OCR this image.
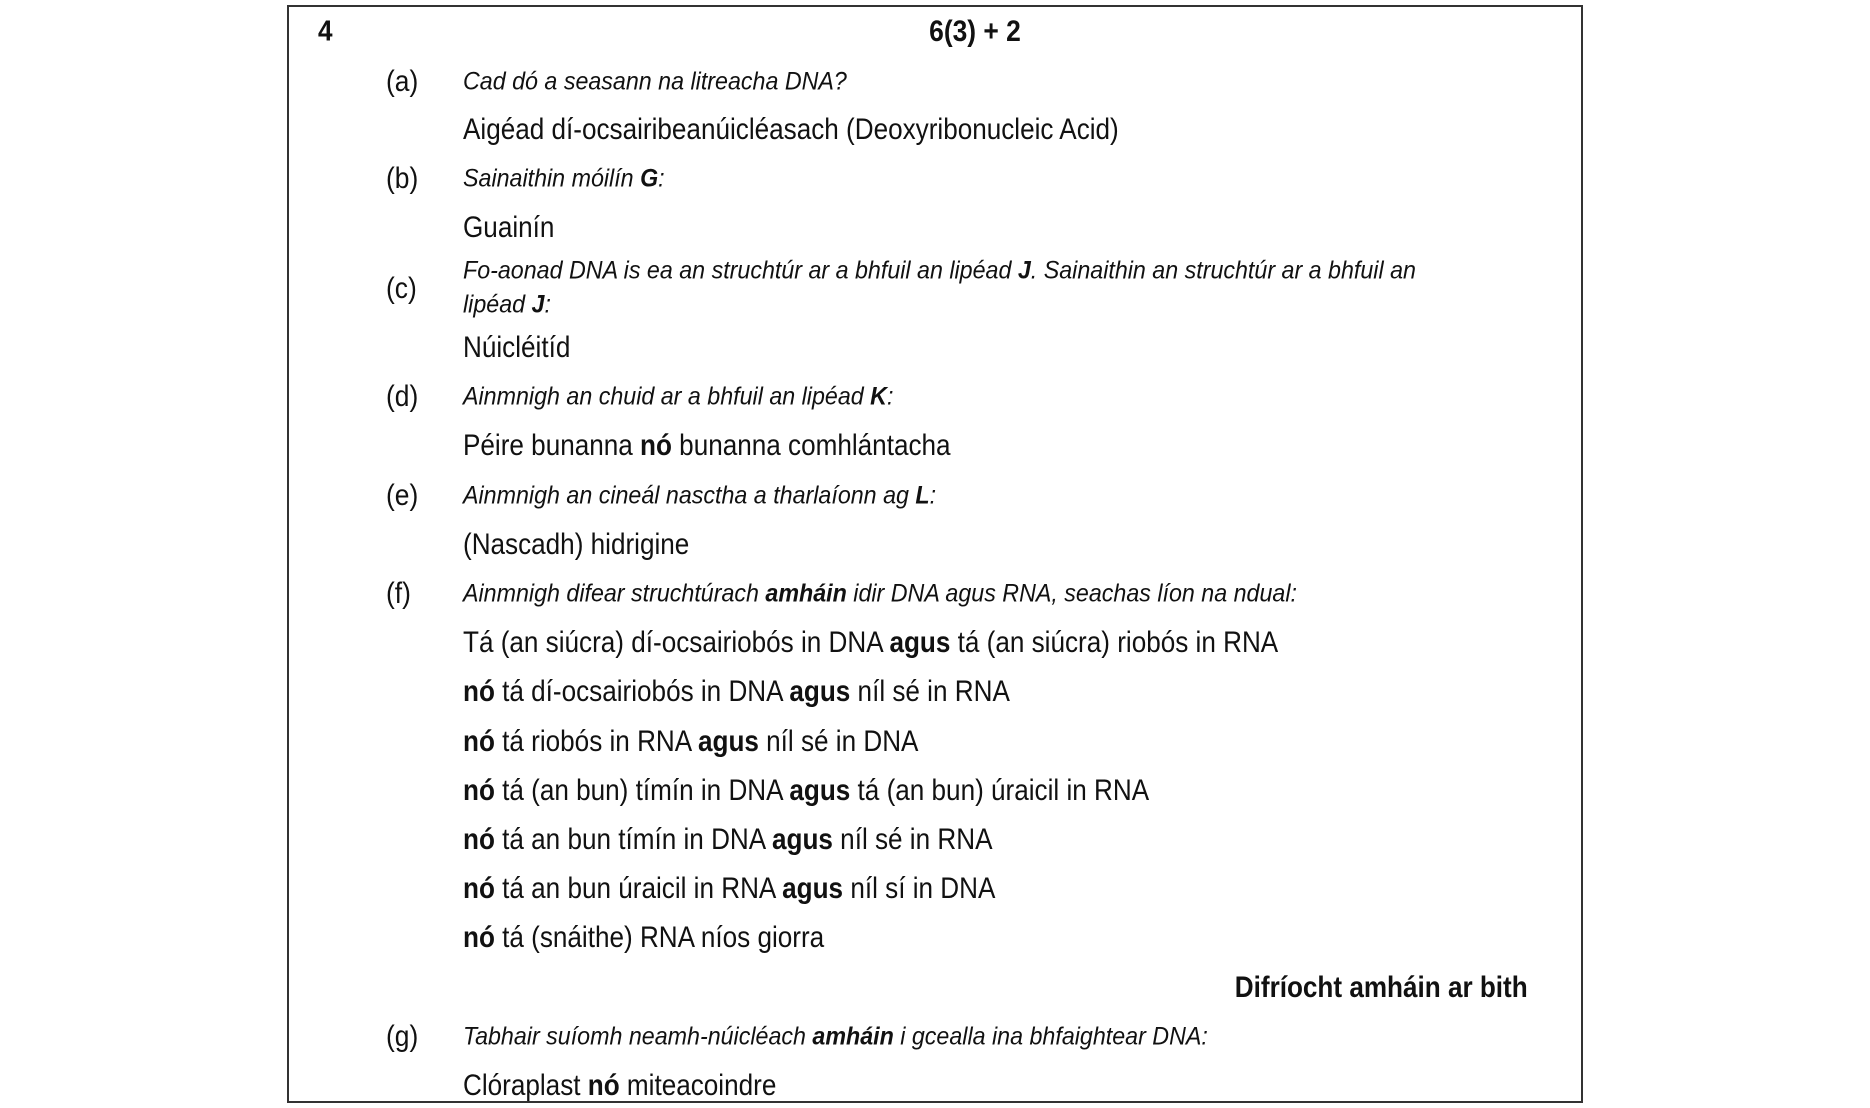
4	6(3) + 2
(a) Cad dó a seasann na litreacha DNA?
Aigéad dí-ocsairibeanúicléasach (Deoxyribonucleic Acid)
(b) Sainaithin móilín G:
Guainín
(c)
Fo-aonad DNA is ea an struchtúr ar a bhfuil an lipéad J. Sainaithin an struchtúr ar a bhfuil an
lipéad J:
Núicléitíd
(d) Ainmnigh an chuid ar a bhfuil an lipéad K:
Péire bunanna nó bunanna comhlántacha
(e) Ainmnigh an cineál nasctha a tharlaíonn ag L:
(Nascadh) hidrigine
(f) Ainmnigh difear struchtúrach amháin idir DNA agus RNA, seachas líon na ndual:
Tá (an siúcra) dí-ocsairiobós in DNA agus tá (an siúcra) riobós in RNA
nó tá dí-ocsairiobós in DNA agus níl sé in RNA
nó tá riobós in RNA agus níl sé in DNA
nó tá (an bun) tímín in DNA agus tá (an bun) úraicil in RNA
nó tá an bun tímín in DNA agus níl sé in RNA
nó tá an bun úraicil in RNA agus níl sí in DNA
nó tá (snáithe) RNA níos giorra
Difríocht amháin ar bith
(g) Tabhair suíomh neamh-núicléach amháin i gcealla ina bhfaightear DNA:
Clóraplast nó miteacoindre
